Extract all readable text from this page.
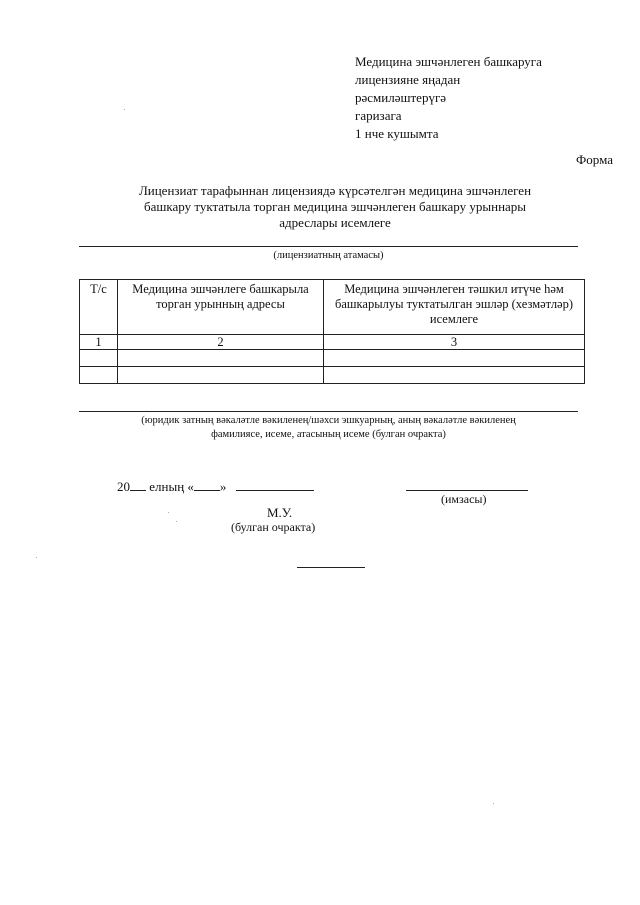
Медицина эшчәнлеген башкаруга
лицензияне яңадан
рәсмиләштерүгә
гаризага
1 нче кушымта
Форма
Лицензиат тарафыннан лицензиядә күрсәтелгән медицина эшчәнлеген
башкару туктатыла торган медицина эшчәнлеген башкару урыннары
адреслары исемлеге
(лицензиатның атамасы)
Т/с	Медицина эшчәнлеге башкарыла торган урынның адресы	Медицина эшчәнлеген тәшкил итүче һәм башкарылуы туктатылган эшләр (хезмәтләр) исемлеге
1	2	3

(юридик затның вәкаләтле вәкиленең/шәхси эшкуарның, аның вәкаләтле вәкиленең
фамилиясе, исеме, атасының исеме (булган очракта)
20 елның « »
(имзасы)
М.У.
(булган очракта)
